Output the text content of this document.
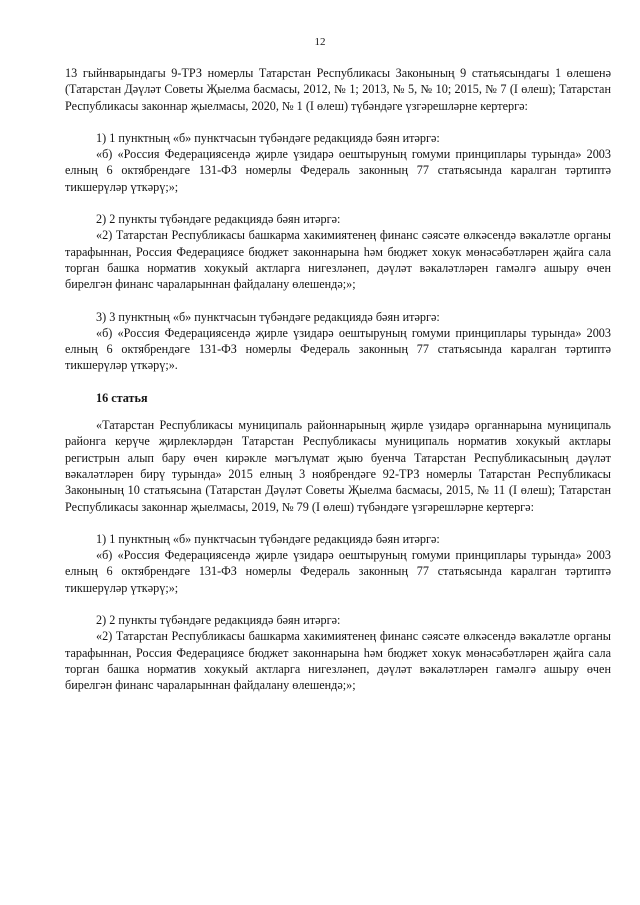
12

13 гыйнварындагы 9-ТРЗ номерлы Татарстан Республикасы Законының 9 статьясындагы 1 өлешенә (Татарстан Дәүләт Советы Җыелма басмасы, 2012, № 1; 2013, № 5, № 10; 2015, № 7 (I өлеш); Татарстан Республикасы законнар җыелмасы, 2020, № 1 (I өлеш) түбәндәге үзгәрешләрне кертергә:

1) 1 пунктның «б» пунктчасын түбәндәге редакциядә бәян итәргә:

«б) «Россия Федерациясендә җирле үзидарә оештыруның гомуми принциплары турында» 2003 елның 6 октябрендәге 131-ФЗ номерлы Федераль законның 77 статьясында каралган тәртиптә тикшерүләр үткәрү;»;

2) 2 пункты түбәндәге редакциядә бәян итәргә:

«2) Татарстан Республикасы башкарма хакимиятенең финанс сәясәте өлкәсендә вәкаләтле органы тарафыннан, Россия Федерациясе бюджет законнарына һәм бюджет хокук мөнәсәбәтләрен җайга сала торган башка норматив хокукый актларга нигезләнеп, дәүләт вәкаләтләрен гамәлгә ашыру өчен бирелгән финанс чараларыннан файдалану өлешендә;»;

3) 3 пунктның «б» пунктчасын түбәндәге редакциядә бәян итәргә:

«б) «Россия Федерациясендә җирле үзидарә оештыруның гомуми принциплары турында» 2003 елның 6 октябрендәге 131-ФЗ номерлы Федераль законның 77 статьясында каралган тәртиптә тикшерүләр үткәрү;».

16 статья

«Татарстан Республикасы муниципаль районнарының җирле үзидарә органнарына муниципаль районга керүче җирлекләрдән Татарстан Республикасы муниципаль норматив хокукый актлары регистрын алып бару өчен кирәкле мәгълүмат җыю буенча Татарстан Республикасының дәүләт вәкаләтләрен бирү турында» 2015 елның 3 ноябрендәге 92-ТРЗ номерлы Татарстан Республикасы Законының 10 статьясына (Татарстан Дәүләт Советы Җыелма басмасы, 2015, № 11 (I өлеш); Татарстан Республикасы законнар җыелмасы, 2019, № 79 (I өлеш) түбәндәге үзгәрешләрне кертергә:

1) 1 пунктның «б» пунктчасын түбәндәге редакциядә бәян итәргә:

«б) «Россия Федерациясендә җирле үзидарә оештыруның гомуми принциплары турында» 2003 елның 6 октябрендәге 131-ФЗ номерлы Федераль законның 77 статьясында каралган тәртиптә тикшерүләр үткәрү;»;

2) 2 пункты түбәндәге редакциядә бәян итәргә:

«2) Татарстан Республикасы башкарма хакимиятенең финанс сәясәте өлкәсендә вәкаләтле органы тарафыннан, Россия Федерациясе бюджет законнарына һәм бюджет хокук мөнәсәбәтләрен җайга сала торган башка норматив хокукый актларга нигезләнеп, дәүләт вәкаләтләрен гамәлгә ашыру өчен бирелгән финанс чараларыннан файдалану өлешендә;»;
